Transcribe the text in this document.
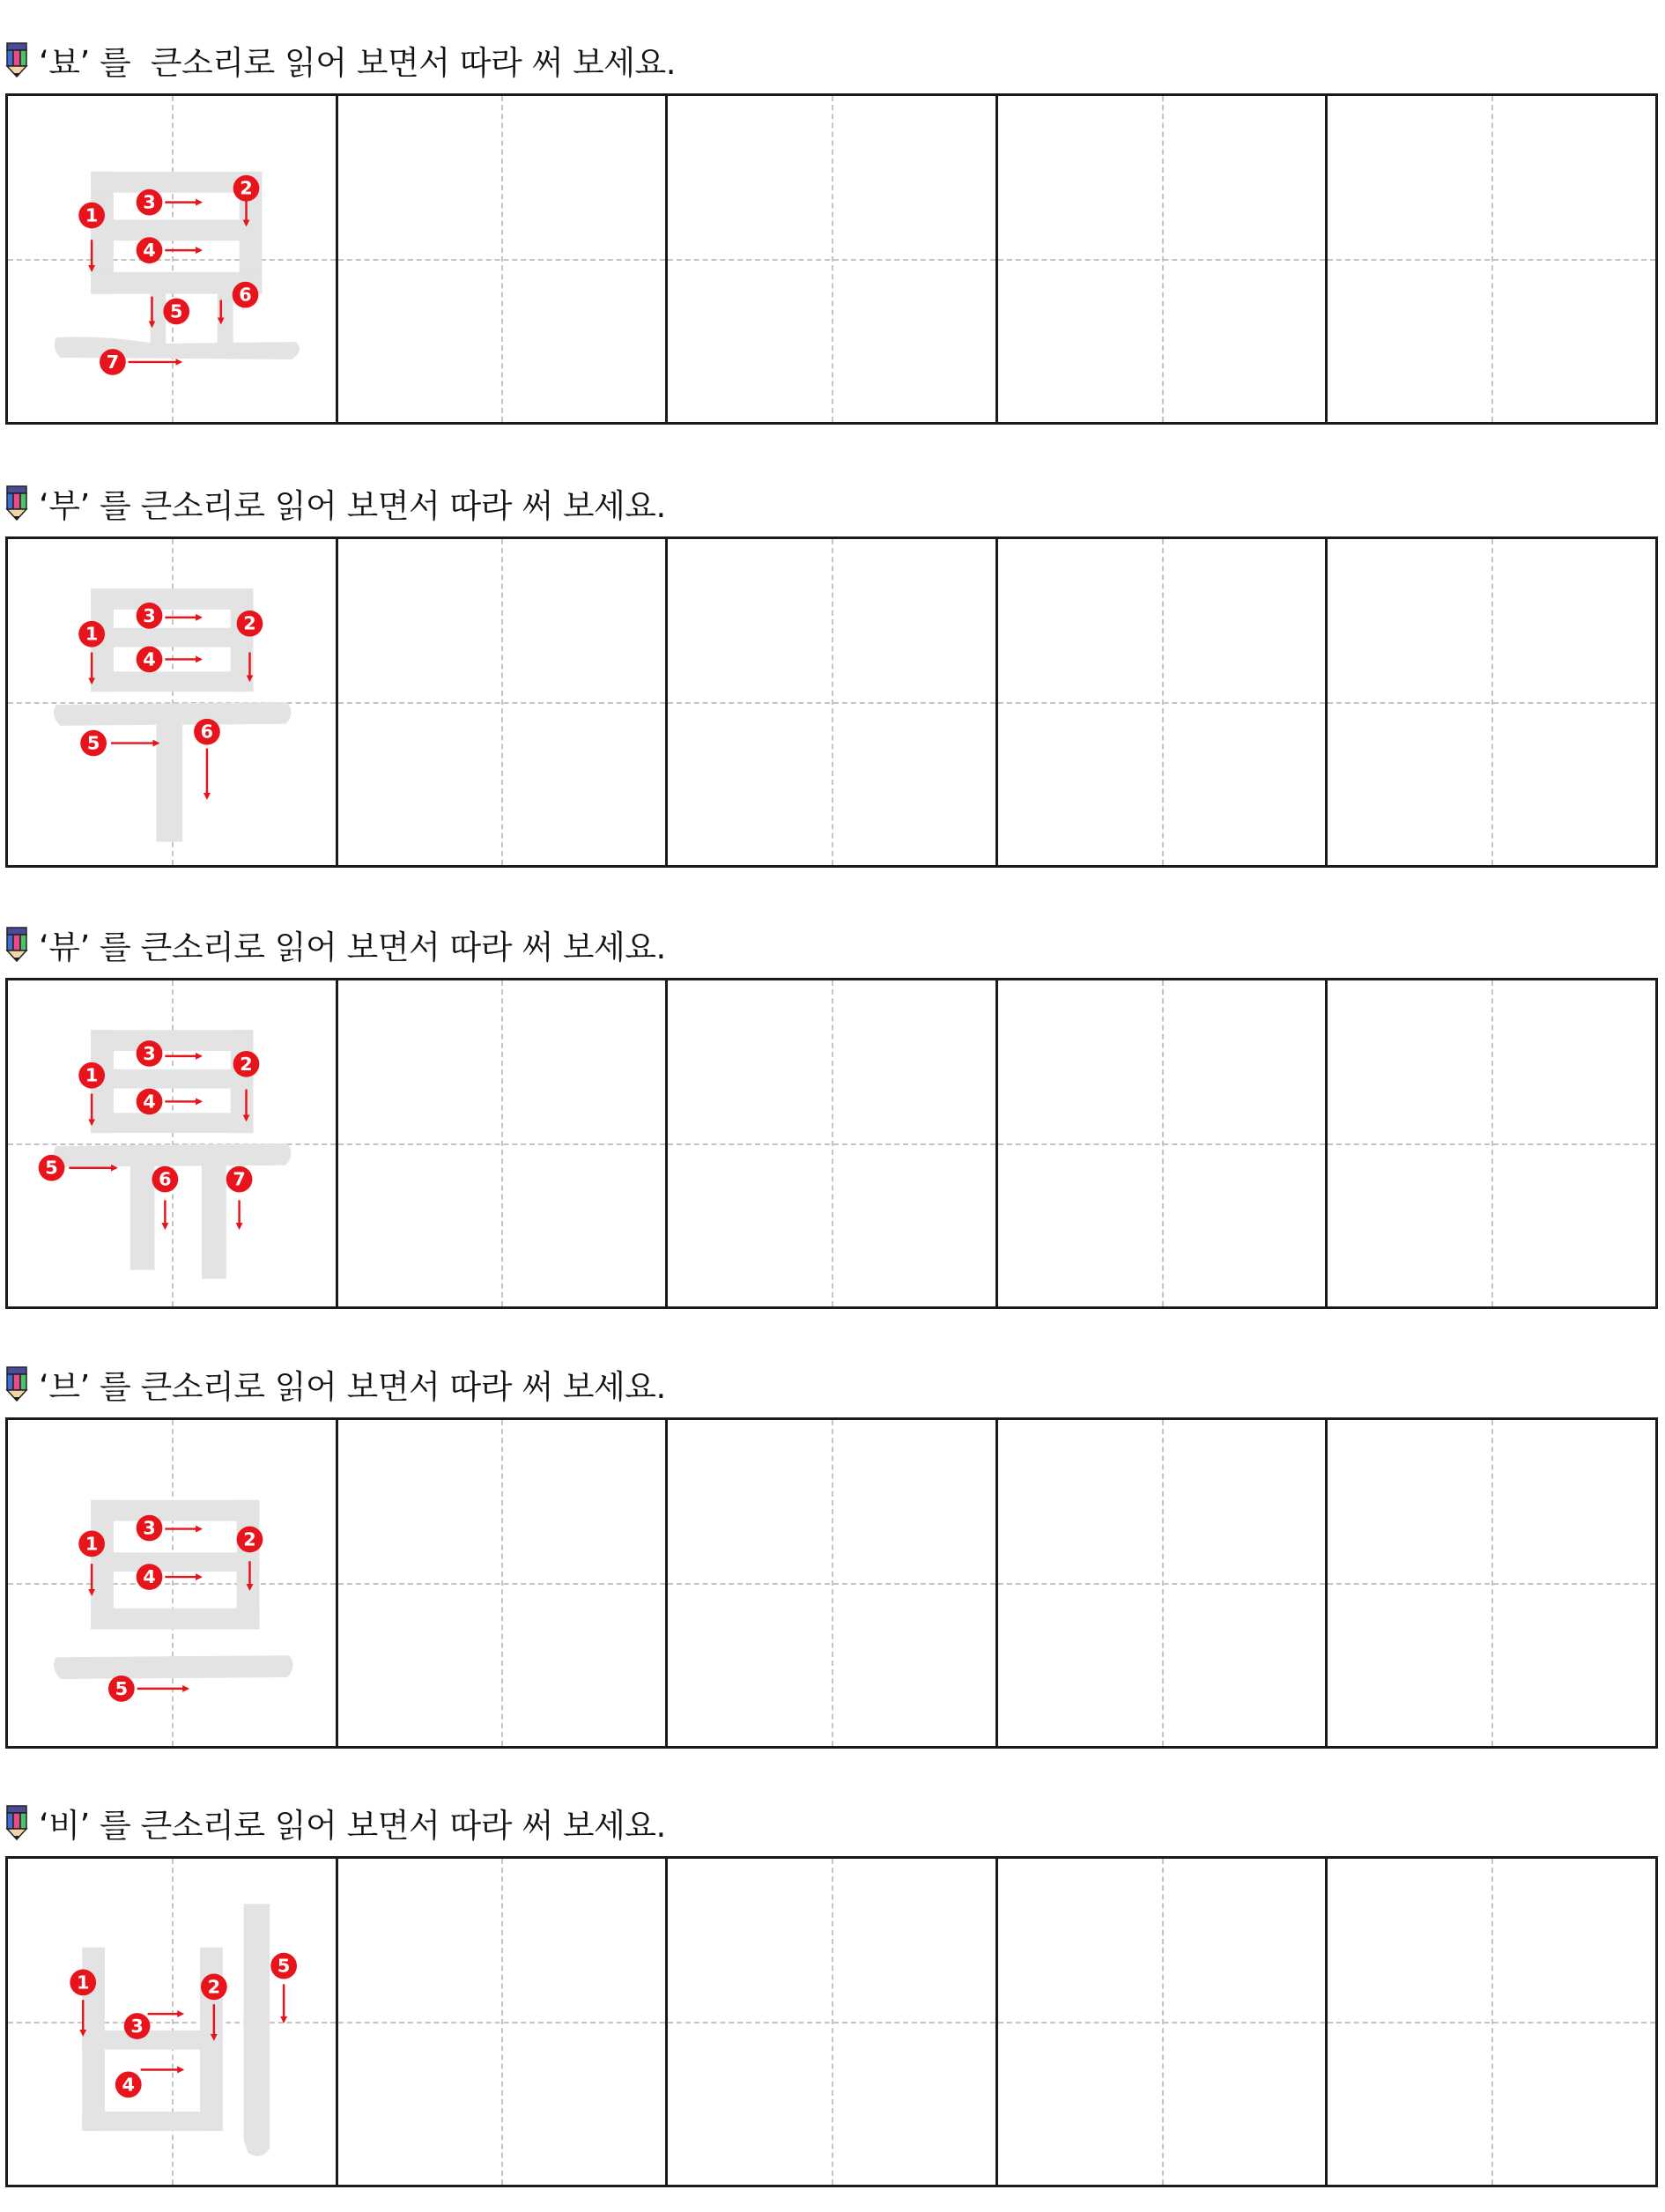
‘뵤’ 를  큰소리로 읽어 보면서 따라 써 보세요.
1
2
3
4
5
6
7
‘부’ 를 큰소리로 읽어 보면서 따라 써 보세요.
1	2
3
4
5
6
‘뷰’ 를 큰소리로 읽어 보면서 따라 써 보세요.
1
2
3
4
5
6	7
‘브’ 를 큰소리로 읽어 보면서 따라 써 보세요.
1	2
3
4
5
‘비’ 를 큰소리로 읽어 보면서 따라 써 보세요.
1	2
3
4
5
